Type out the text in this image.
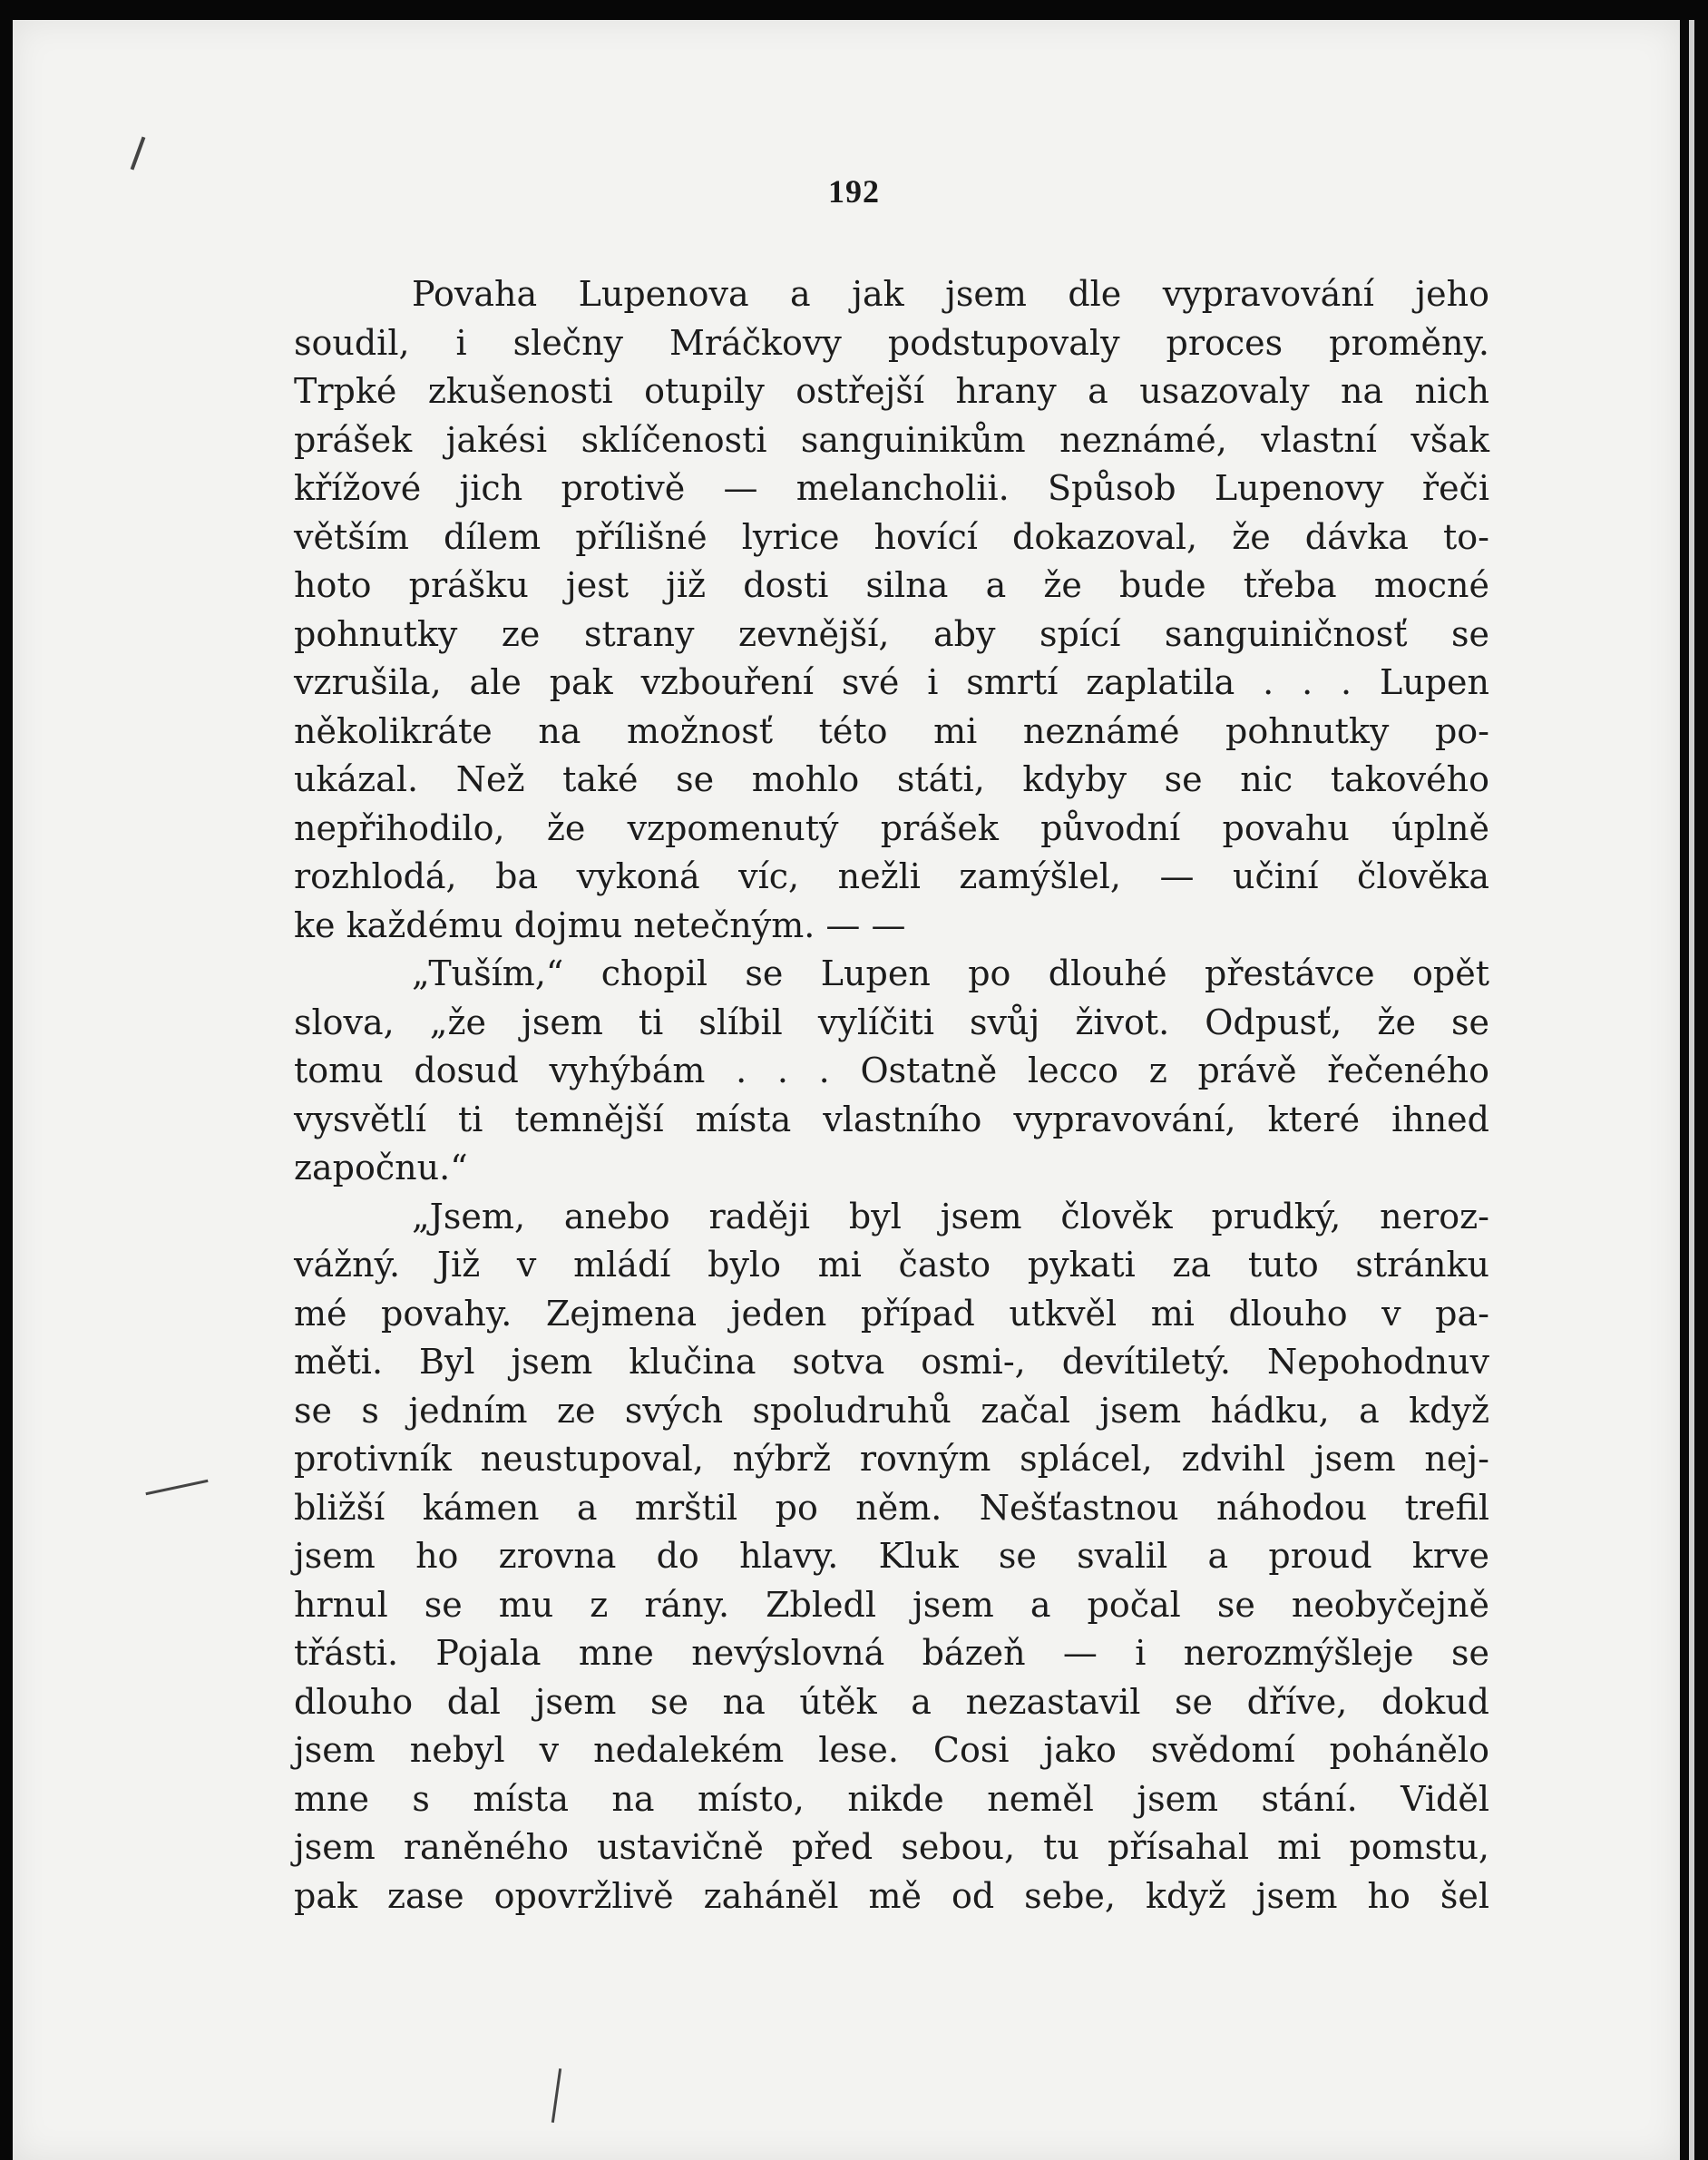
192
Povaha Lupenova a jak jsem dle vypravování jeho
soudil, i slečny Mráčkovy podstupovaly proces proměny.
Trpké zkušenosti otupily ostřejší hrany a usazovaly na nich
prášek jakési sklíčenosti sanguinikům neznámé, vlastní však
křížové jich protivě — melancholii. Spůsob Lupenovy řeči
větším dílem přílišné lyrice hovící dokazoval, že dávka to-
hoto prášku jest již dosti silna a že bude třeba mocné
pohnutky ze strany zevnější, aby spící sanguiničnosť se
vzrušila, ale pak vzbouření své i smrtí zaplatila . . . Lupen
několikráte na možnosť této mi neznámé pohnutky po-
ukázal. Než také se mohlo státi, kdyby se nic takového
nepřihodilo, že vzpomenutý prášek původní povahu úplně
rozhlodá, ba vykoná víc, nežli zamýšlel, — učiní člověka
ke každému dojmu netečným. — —
„Tuším,“ chopil se Lupen po dlouhé přestávce opět
slova, „že jsem ti slíbil vylíčiti svůj život. Odpusť, že se
tomu dosud vyhýbám . . . Ostatně lecco z právě řečeného
vysvětlí ti temnější místa vlastního vypravování, které ihned
započnu.“
„Jsem, anebo raději byl jsem člověk prudký, neroz-
vážný. Již v mládí bylo mi často pykati za tuto stránku
mé povahy. Zejmena jeden případ utkvěl mi dlouho v pa-
měti. Byl jsem klučina sotva osmi-, devítiletý. Nepohodnuv
se s jedním ze svých spoludruhů začal jsem hádku, a když
protivník neustupoval, nýbrž rovným splácel, zdvihl jsem nej-
bližší kámen a mrštil po něm. Nešťastnou náhodou trefil
jsem ho zrovna do hlavy. Kluk se svalil a proud krve
hrnul se mu z rány. Zbledl jsem a počal se neobyčejně
třásti. Pojala mne nevýslovná bázeň — i nerozmýšleje se
dlouho dal jsem se na útěk a nezastavil se dříve, dokud
jsem nebyl v nedalekém lese. Cosi jako svědomí pohánělo
mne s místa na místo, nikde neměl jsem stání. Viděl
jsem raněného ustavičně před sebou, tu přísahal mi pomstu,
pak zase opovržlivě zaháněl mě od sebe, když jsem ho šel
